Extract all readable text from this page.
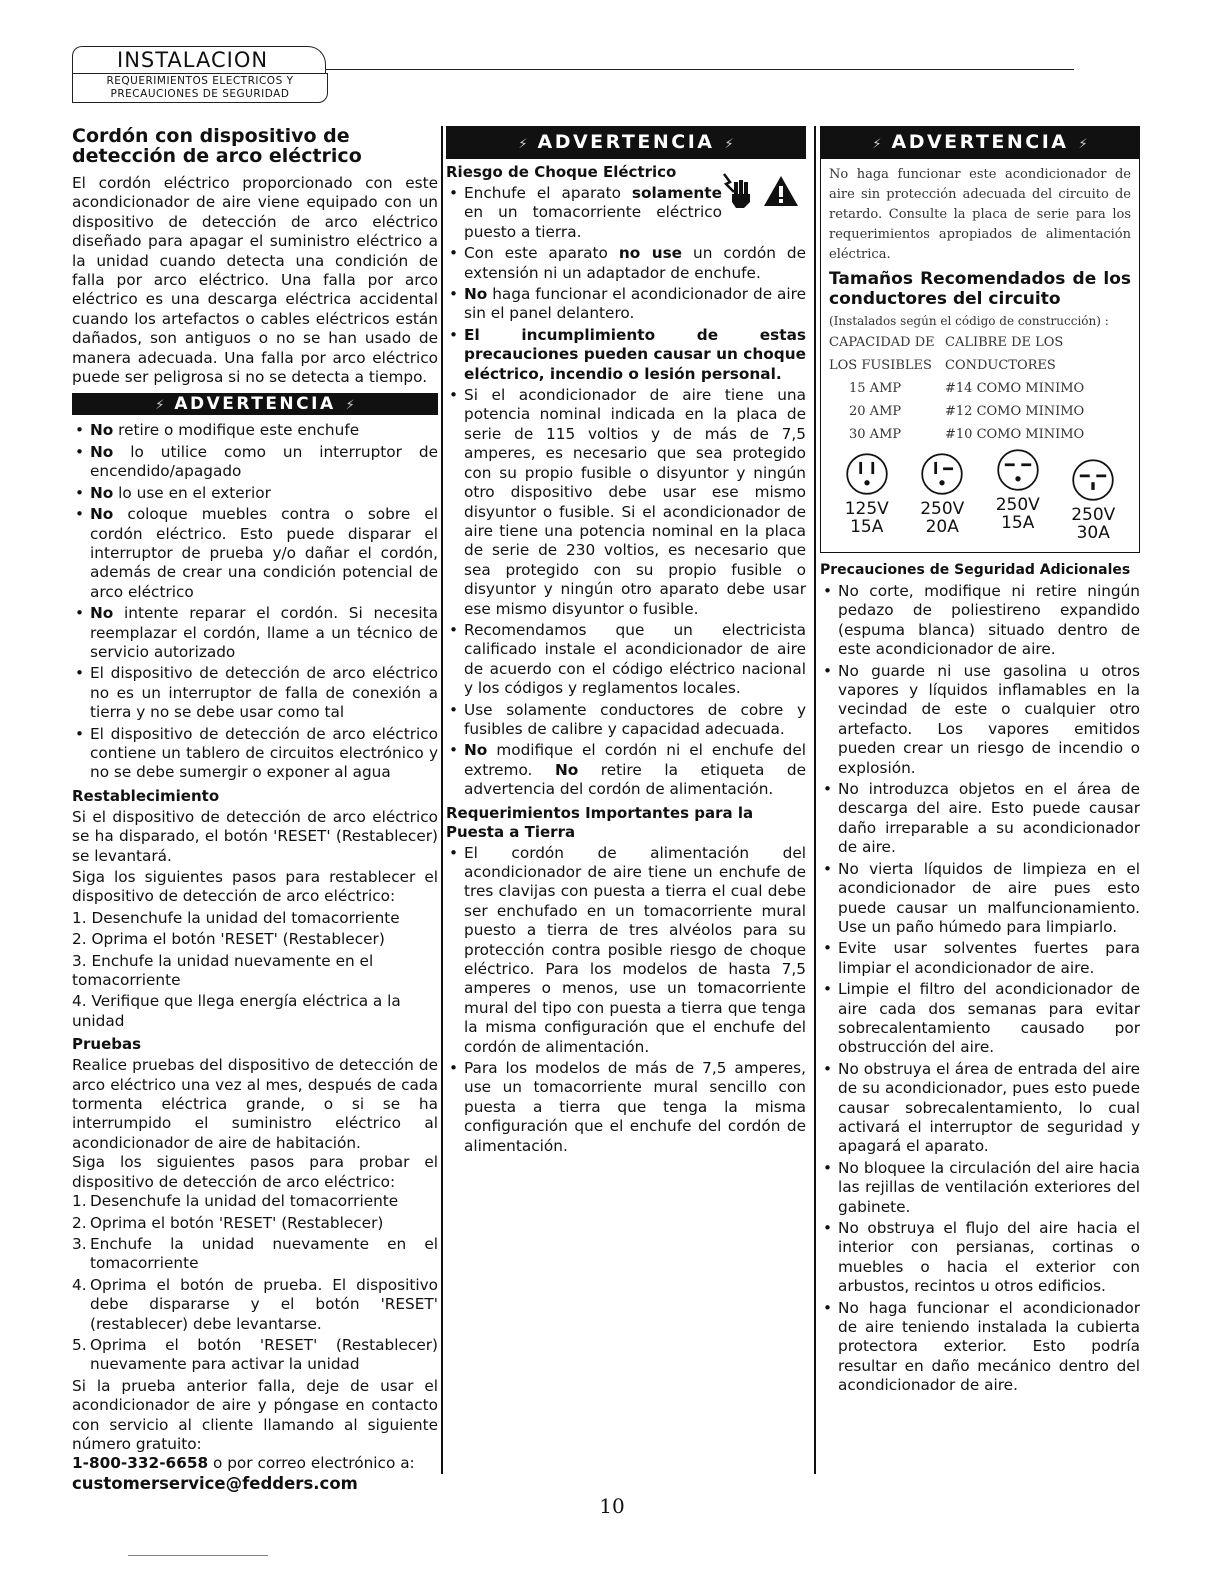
INSTALACION
REQUERIMIENTOS ELECTRICOS Y
PRECAUCIONES DE SEGURIDAD
Cordón con dispositivo de detección de arco eléctrico

El cordón eléctrico proporcionado con este acondicionador de aire viene equipado con un dispositivo de detección de arco eléctrico diseñado para apagar el suministro eléctrico a la unidad cuando detecta una condición de falla por arco eléctrico. Una falla por arco eléctrico es una descarga eléctrica accidental cuando los artefactos o cables eléctricos están dañados, son antiguos o no se han usado de manera adecuada. Una falla por arco eléctrico puede ser peligrosa si no se detecta a tiempo.

⚡ ADVERTENCIA ⚡
• No retire o modifique este enchufe
• No lo utilice como un interruptor de encendido/apagado
• No lo use en el exterior
• No coloque muebles contra o sobre el cordón eléctrico. Esto puede disparar el interruptor de prueba y/o dañar el cordón, además de crear una condición potencial de arco eléctrico
• No intente reparar el cordón. Si necesita reemplazar el cordón, llame a un técnico de servicio autorizado
• El dispositivo de detección de arco eléctrico no es un interruptor de falla de conexión a tierra y no se debe usar como tal
• El dispositivo de detección de arco eléctrico contiene un tablero de circuitos electrónico y no se debe sumergir o exponer al agua
Restablecimiento

Si el dispositivo de detección de arco eléctrico se ha disparado, el botón 'RESET' (Restablecer) se levantará.

Siga los siguientes pasos para restablecer el dispositivo de detección de arco eléctrico:

1. Desenchufe la unidad del tomacorriente
2. Oprima el botón 'RESET' (Restablecer)
3. Enchufe la unidad nuevamente en el tomacorriente
4. Verifique que llega energía eléctrica a la unidad
Pruebas

Realice pruebas del dispositivo de detección de arco eléctrico una vez al mes, después de cada tormenta eléctrica grande, o si se ha interrumpido el suministro eléctrico al acondicionador de aire de habitación.

Siga los siguientes pasos para probar el dispositivo de detección de arco eléctrico:

1. Desenchufe la unidad del tomacorriente
2. Oprima el botón 'RESET' (Restablecer)
3. Enchufe la unidad nuevamente en el tomacorriente
4. Oprima el botón de prueba. El dispositivo debe dispararse y el botón 'RESET' (restablecer) debe levantarse.
5. Oprima el botón 'RESET' (Restablecer) nuevamente para activar la unidad

Si la prueba anterior falla, deje de usar el acondicionador de aire y póngase en contacto con servicio al cliente llamando al siguiente número gratuito:

1-800-332-6658 o por correo electrónico a:
customerservice@fedders.com
⚡ ADVERTENCIA ⚡
Riesgo de Choque Eléctrico
• Enchufe el aparato solamente en un tomacorriente eléctrico puesto a tierra.
• Con este aparato no use un cordón de extensión ni un adaptador de enchufe.
• No haga funcionar el acondicionador de aire sin el panel delantero.
• El incumplimiento de estas precauciones pueden causar un choque eléctrico, incendio o lesión personal.
• Si el acondicionador de aire tiene una potencia nominal indicada en la placa de serie de 115 voltios y de más de 7,5 amperes, es necesario que sea protegido con su propio fusible o disyuntor y ningún otro dispositivo debe usar ese mismo disyuntor o fusible. Si el acondicionador de aire tiene una potencia nominal en la placa de serie de 230 voltios, es necesario que sea protegido con su propio fusible o disyuntor y ningún otro aparato debe usar ese mismo disyuntor o fusible.
• Recomendamos que un electricista calificado instale el acondicionador de aire de acuerdo con el código eléctrico nacional y los códigos y reglamentos locales.
• Use solamente conductores de cobre y fusibles de calibre y capacidad adecuada.
• No modifique el cordón ni el enchufe del extremo. No retire la etiqueta de advertencia del cordón de alimentación.
Requerimientos Importantes para la Puesta a Tierra
• El cordón de alimentación del acondicionador de aire tiene un enchufe de tres clavijas con puesta a tierra el cual debe ser enchufado en un tomacorriente mural puesto a tierra de tres alvéolos para su protección contra posible riesgo de choque eléctrico. Para los modelos de hasta 7,5 amperes o menos, use un tomacorriente mural del tipo con puesta a tierra que tenga la misma configuración que el enchufe del cordón de alimentación.
• Para los modelos de más de 7,5 amperes, use un tomacorriente mural sencillo con puesta a tierra que tenga la misma configuración que el enchufe del cordón de alimentación.
⚡ ADVERTENCIA ⚡

No haga funcionar este acondicionador de aire sin protección adecuada del circuito de retardo. Consulte la placa de serie para los requerimientos apropiados de alimentación eléctrica.

Tamaños Recomendados de los conductores del circuito
(Instalados según el código de construcción) :
CAPACIDAD DE CALIBRE DE LOS
LOS FUSIBLES	CONDUCTORES
15 AMP	#14 COMO MINIMO
20 AMP	#12 COMO MINIMO
30 AMP	#10 COMO MINIMO
125V
15A
250V
20A
250V
15A	250V
30A
Precauciones de Seguridad Adicionales
• No corte, modifique ni retire ningún pedazo de poliestireno expandido (espuma blanca) situado dentro de este acondicionador de aire.
• No guarde ni use gasolina u otros vapores y líquidos inflamables en la vecindad de este o cualquier otro artefacto. Los vapores emitidos pueden crear un riesgo de incendio o explosión.
• No introduzca objetos en el área de descarga del aire. Esto puede causar daño irreparable a su acondicionador de aire.
• No vierta líquidos de limpieza en el acondicionador de aire pues esto puede causar un malfuncionamiento. Use un paño húmedo para limpiarlo.
• Evite usar solventes fuertes para limpiar el acondicionador de aire.
• Limpie el filtro del acondicionador de aire cada dos semanas para evitar sobrecalentamiento causado por obstrucción del aire.
• No obstruya el área de entrada del aire de su acondicionador, pues esto puede causar sobrecalentamiento, lo cual activará el interruptor de seguridad y apagará el aparato.
• No bloquee la circulación del aire hacia las rejillas de ventilación exteriores del gabinete.
• No obstruya el flujo del aire hacia el interior con persianas, cortinas o muebles o hacia el exterior con arbustos, recintos u otros edificios.
• No haga funcionar el acondicionador de aire teniendo instalada la cubierta protectora exterior. Esto podría resultar en daño mecánico dentro del acondicionador de aire.
10
